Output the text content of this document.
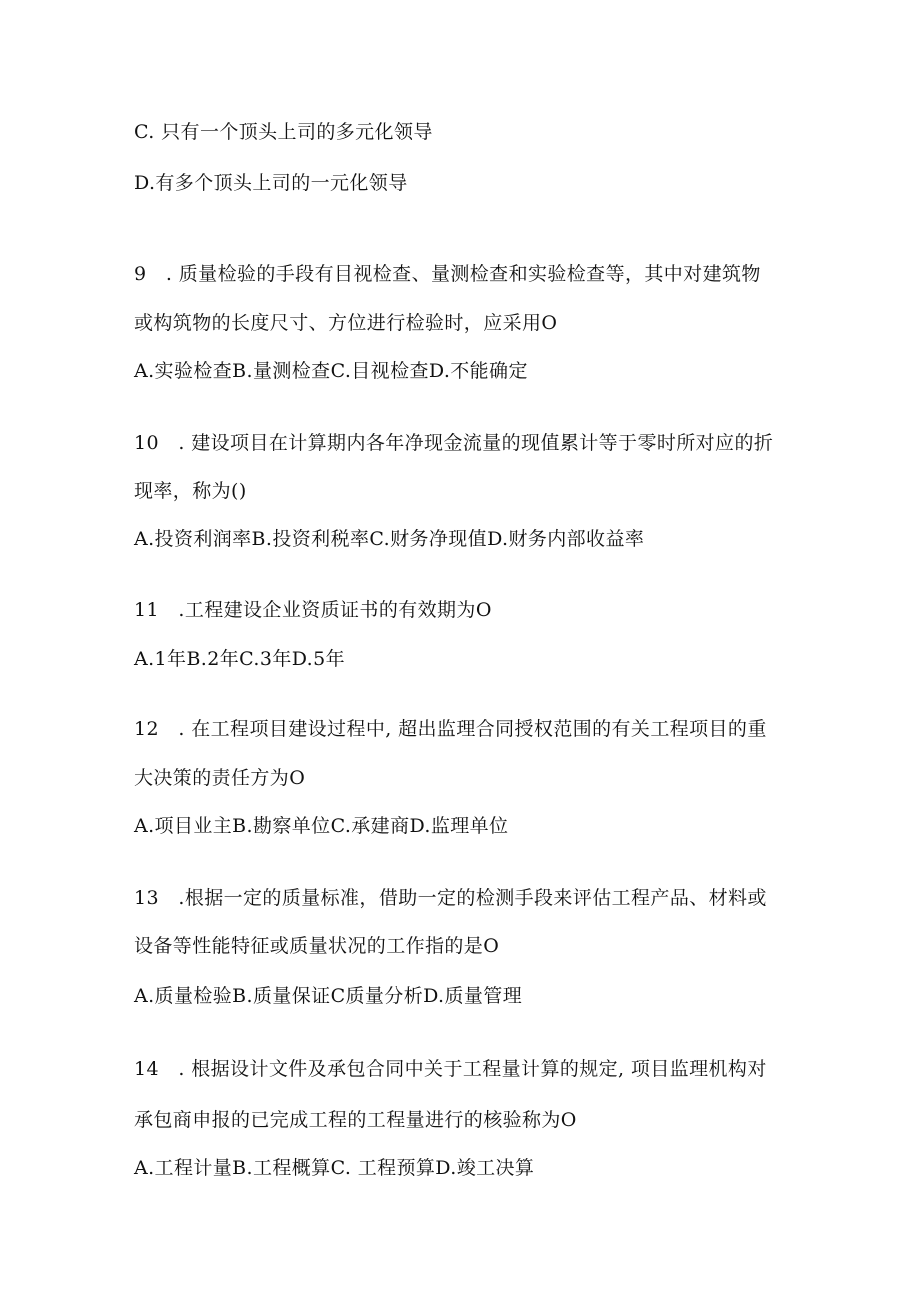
C. 只有一个顶头上司的多元化领导
D.有多个顶头上司的一元化领导
9　. 质量检验的手段有目视检查、量测检查和实验检查等，其中对建筑物
或构筑物的长度尺寸、方位进行检验时，应采用O
A.实验检查B.量测检查C.目视检查D.不能确定
10　. 建设项目在计算期内各年净现金流量的现值累计等于零时所对应的折
现率，称为()
A.投资利润率B.投资利税率C.财务净现值D.财务内部收益率
11　.工程建设企业资质证书的有效期为O
A.1年B.2年C.3年D.5年
12　. 在工程项目建设过程中, 超出监理合同授权范围的有关工程项目的重
大决策的责任方为O
A.项目业主B.勘察单位C.承建商D.监理单位
13　.根据一定的质量标准，借助一定的检测手段来评估工程产品、材料或
设备等性能特征或质量状况的工作指的是O
A.质量检验B.质量保证C质量分析D.质量管理
14　. 根据设计文件及承包合同中关于工程量计算的规定, 项目监理机构对
承包商申报的已完成工程的工程量进行的核验称为O
A.工程计量B.工程概算C. 工程预算D.竣工决算
